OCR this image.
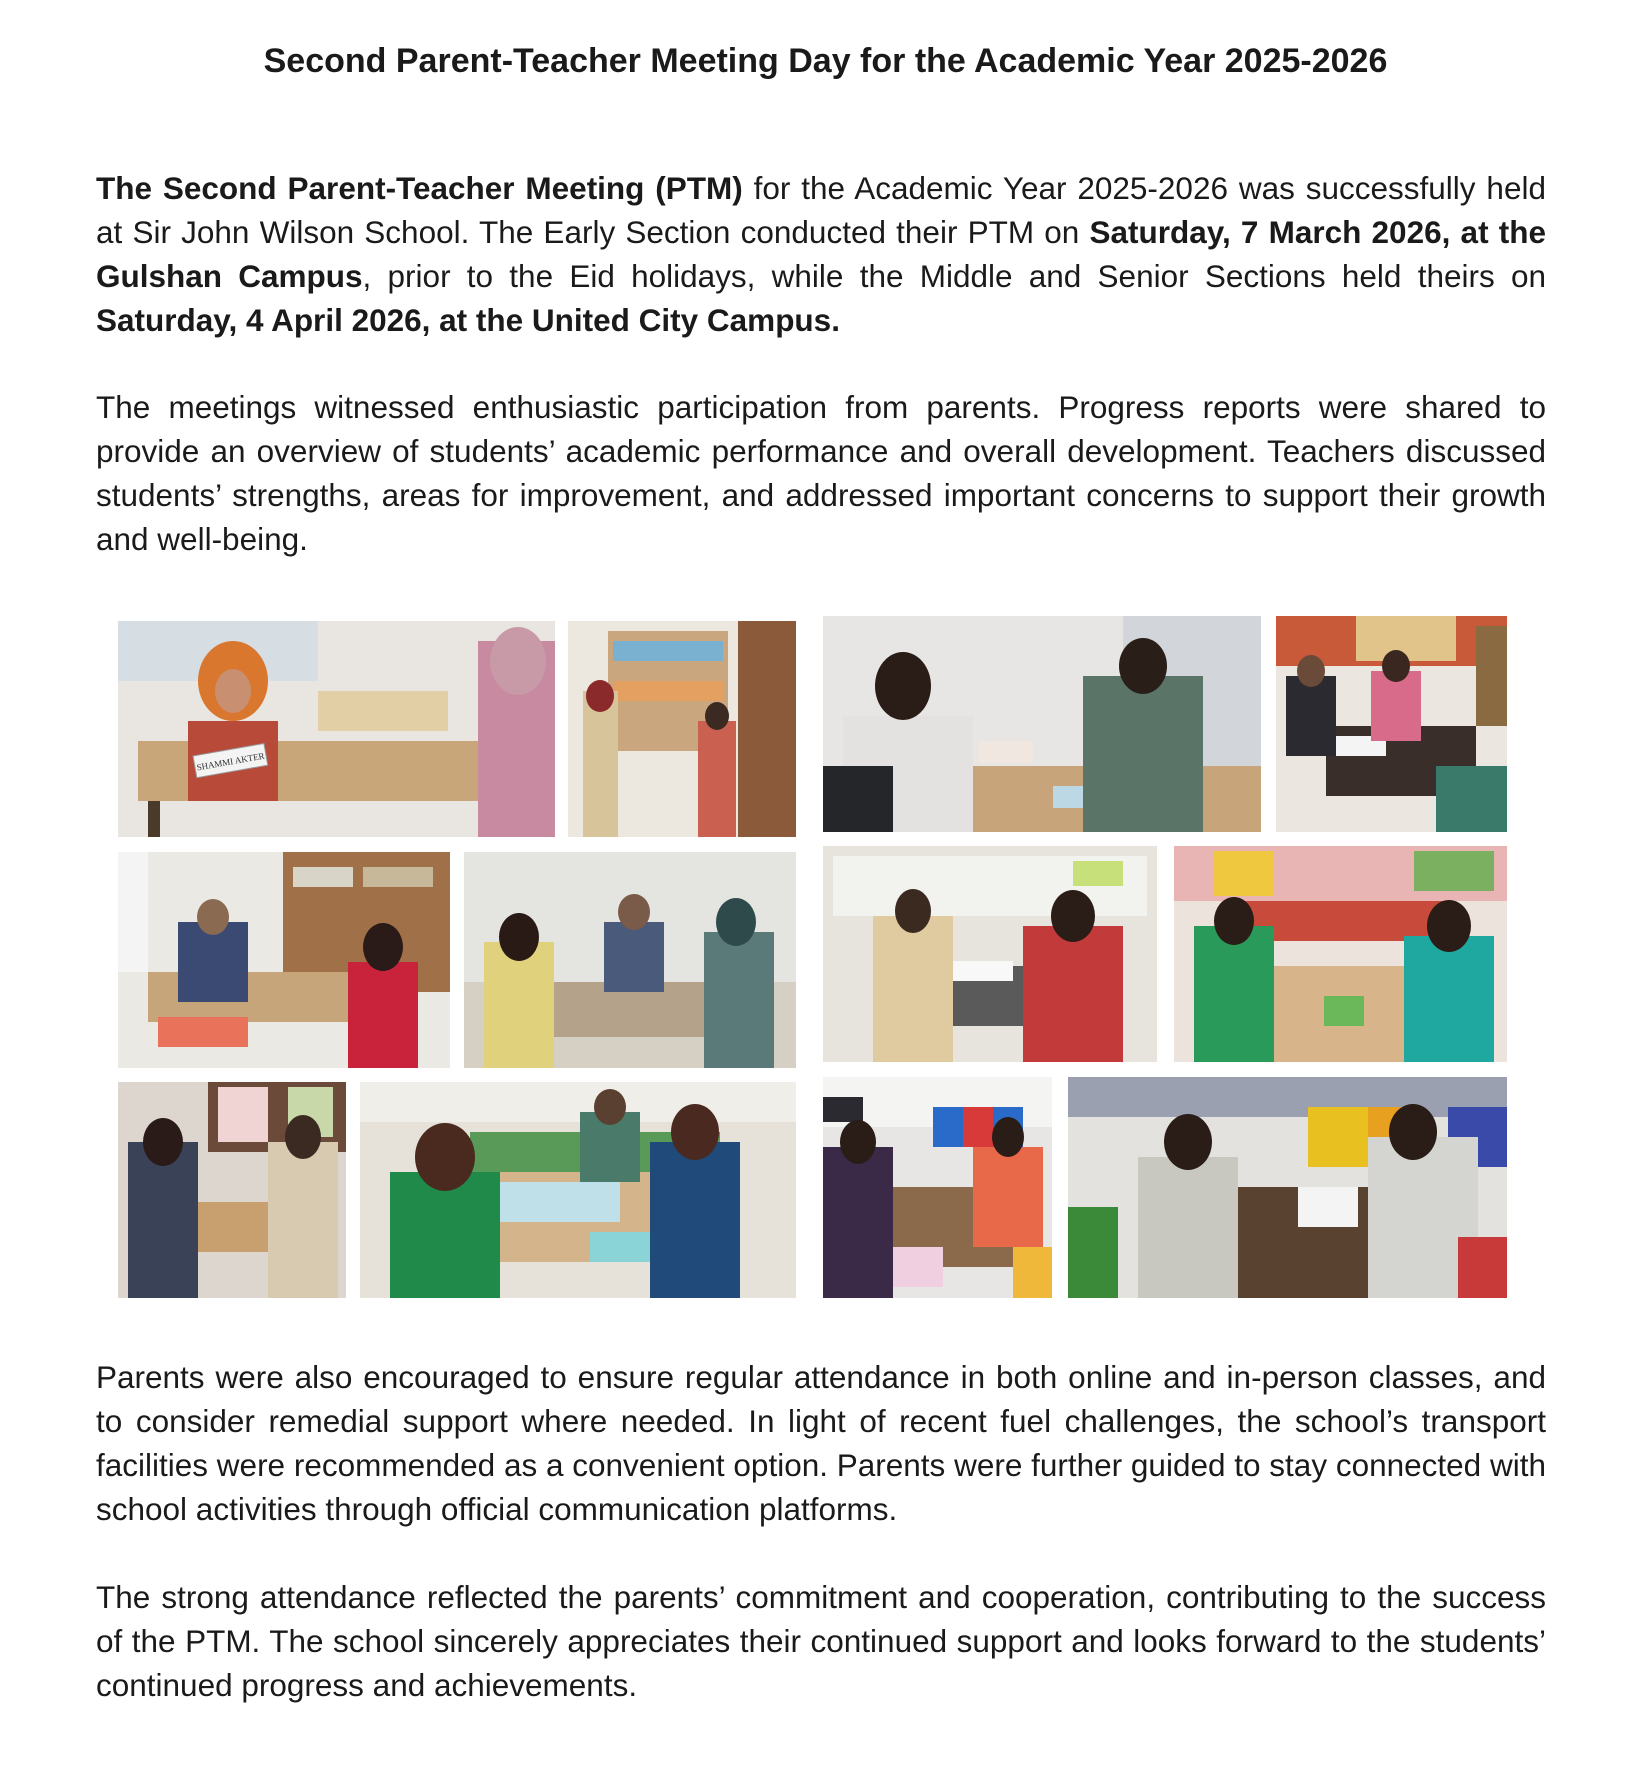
Second Parent-Teacher Meeting Day for the Academic Year 2025-2026

The Second Parent-Teacher Meeting (PTM) for the Academic Year 2025-2026 was successfully held at Sir John Wilson School. The Early Section conducted their PTM on Saturday, 7 March 2026, at the Gulshan Campus, prior to the Eid holidays, while the Middle and Senior Sections held theirs on Saturday, 4 April 2026, at the United City Campus.

The meetings witnessed enthusiastic participation from parents. Progress reports were shared to provide an overview of students’ academic performance and overall development. Teachers discussed students’ strengths, areas for improvement, and addressed important concerns to support their growth and well-being.

SHAMMI AKTER

Parents were also encouraged to ensure regular attendance in both online and in-person classes, and to consider remedial support where needed. In light of recent fuel challenges, the school’s transport facilities were recommended as a convenient option. Parents were further guided to stay connected with school activities through official communication platforms.

The strong attendance reflected the parents’ commitment and cooperation, contributing to the success of the PTM. The school sincerely appreciates their continued support and looks forward to the students’ continued progress and achievements.
